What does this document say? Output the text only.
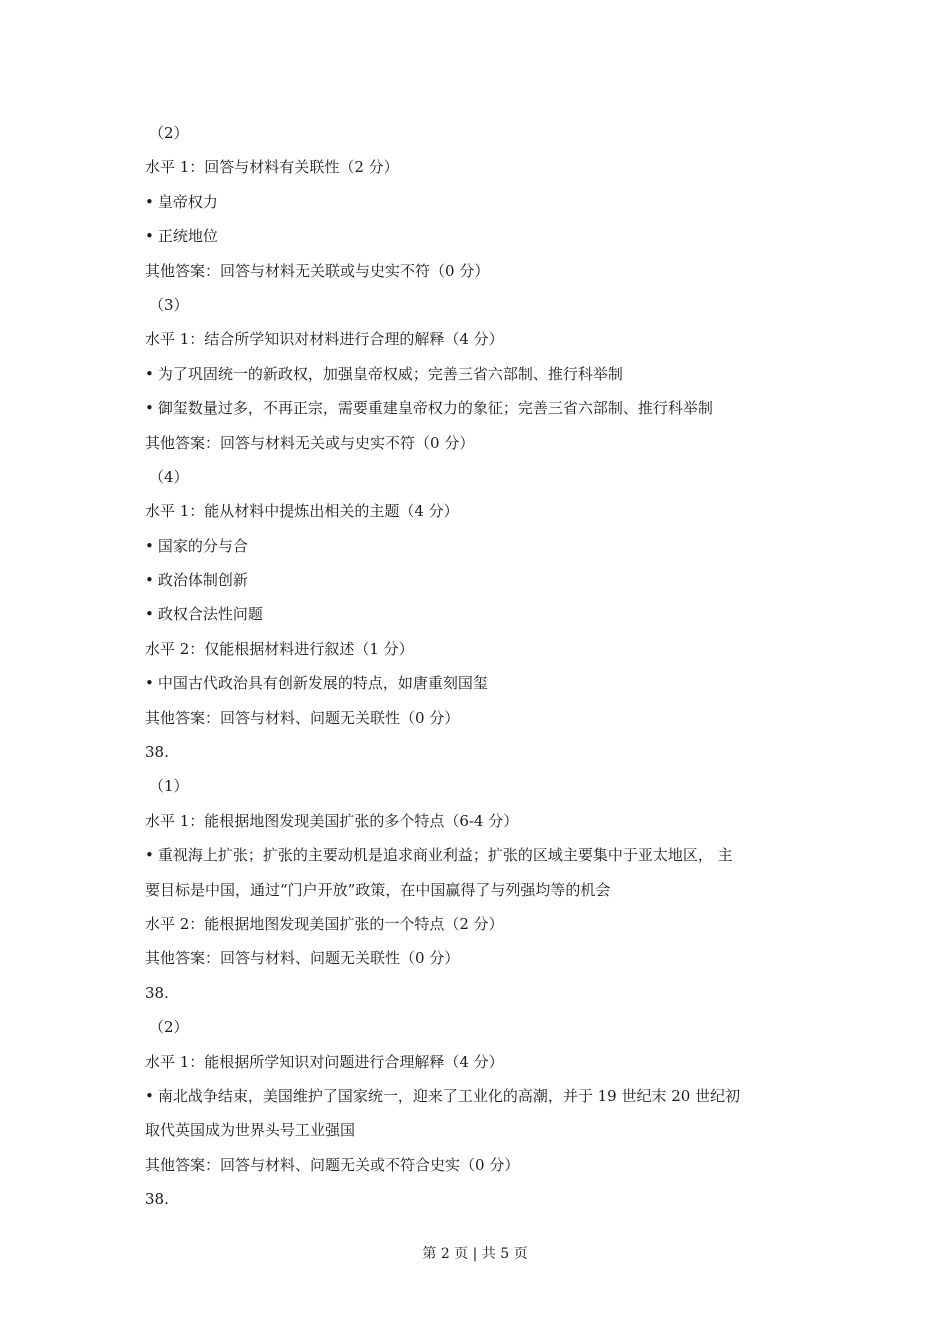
（2）
水平 1：回答与材料有关联性（2 分）
• 皇帝权力
• 正统地位
其他答案：回答与材料无关联或与史实不符（0 分）
（3）
水平 1：结合所学知识对材料进行合理的解释（4 分）
• 为了巩固统一的新政权，加强皇帝权威；完善三省六部制、推行科举制
• 御玺数量过多，不再正宗，需要重建皇帝权力的象征；完善三省六部制、推行科举制
其他答案：回答与材料无关或与史实不符（0 分）
（4）
水平 1：能从材料中提炼出相关的主题（4 分）
• 国家的分与合
• 政治体制创新
• 政权合法性问题
水平 2：仅能根据材料进行叙述（1 分）
• 中国古代政治具有创新发展的特点，如唐重刻国玺
其他答案：回答与材料、问题无关联性（0 分）
38.
（1）
水平 1：能根据地图发现美国扩张的多个特点（6-4 分）
• 重视海上扩张；扩张的主要动机是追求商业利益；扩张的区域主要集中于亚太地区， 主
要目标是中国，通过“门户开放”政策，在中国赢得了与列强均等的机会
水平 2：能根据地图发现美国扩张的一个特点（2 分）
其他答案：回答与材料、问题无关联性（0 分）
38.
（2）
水平 1：能根据所学知识对问题进行合理解释（4 分）
• 南北战争结束，美国维护了国家统一，迎来了工业化的高潮，并于 19 世纪末 20 世纪初
取代英国成为世界头号工业强国
其他答案：回答与材料、问题无关或不符合史实（0 分）
38.
第 2 页 | 共 5 页
